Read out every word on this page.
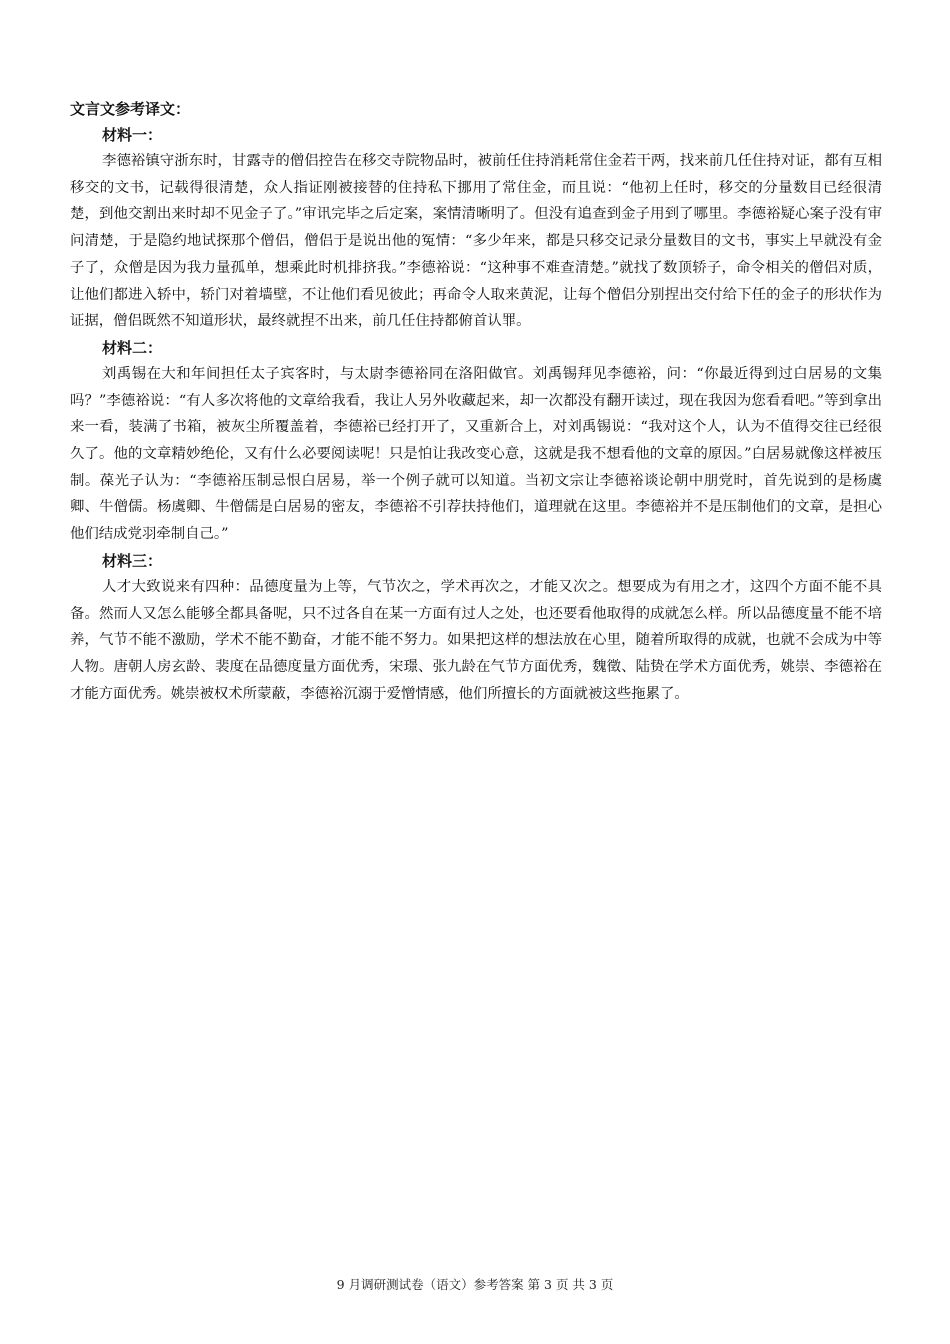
文言文参考译文：
材料一：

李德裕镇守浙东时，甘露寺的僧侣控告在移交寺院物品时，被前任住持消耗常住金若干两，找来前几任住持对证，都有互相移交的文书，记载得很清楚，众人指证刚被接替的住持私下挪用了常住金，而且说：“他初上任时，移交的分量数目已经很清楚，到他交割出来时却不见金子了。”审讯完毕之后定案，案情清晰明了。但没有追查到金子用到了哪里。李德裕疑心案子没有审问清楚，于是隐约地试探那个僧侣，僧侣于是说出他的冤情：“多少年来，都是只移交记录分量数目的文书，事实上早就没有金子了，众僧是因为我力量孤单，想乘此时机排挤我。”李德裕说：“这种事不难查清楚。”就找了数顶轿子，命令相关的僧侣对质，让他们都进入轿中，轿门对着墙壁，不让他们看见彼此；再命令人取来黄泥，让每个僧侣分别捏出交付给下任的金子的形状作为证据，僧侣既然不知道形状，最终就捏不出来，前几任住持都俯首认罪。

材料二：

刘禹锡在大和年间担任太子宾客时，与太尉李德裕同在洛阳做官。刘禹锡拜见李德裕，问：“你最近得到过白居易的文集吗？”李德裕说：“有人多次将他的文章给我看，我让人另外收藏起来，却一次都没有翻开读过，现在我因为您看看吧。”等到拿出来一看，装满了书箱，被灰尘所覆盖着，李德裕已经打开了，又重新合上，对刘禹锡说：“我对这个人，认为不值得交往已经很久了。他的文章精妙绝伦，又有什么必要阅读呢！只是怕让我改变心意，这就是我不想看他的文章的原因。”白居易就像这样被压制。葆光子认为：“李德裕压制忌恨白居易，举一个例子就可以知道。当初文宗让李德裕谈论朝中朋党时，首先说到的是杨虞卿、牛僧儒。杨虞卿、牛僧儒是白居易的密友，李德裕不引荐扶持他们，道理就在这里。李德裕并不是压制他们的文章，是担心他们结成党羽牵制自己。”

材料三：

人才大致说来有四种：品德度量为上等，气节次之，学术再次之，才能又次之。想要成为有用之才，这四个方面不能不具备。然而人又怎么能够全都具备呢，只不过各自在某一方面有过人之处，也还要看他取得的成就怎么样。所以品德度量不能不培养，气节不能不激励，学术不能不勤奋，才能不能不努力。如果把这样的想法放在心里，随着所取得的成就，也就不会成为中等人物。唐朝人房玄龄、裴度在品德度量方面优秀，宋璟、张九龄在气节方面优秀，魏徵、陆贽在学术方面优秀，姚崇、李德裕在才能方面优秀。姚崇被权术所蒙蔽，李德裕沉溺于爱憎情感，他们所擅长的方面就被这些拖累了。

9 月调研测试卷（语文）参考答案 第 3 页 共 3 页
